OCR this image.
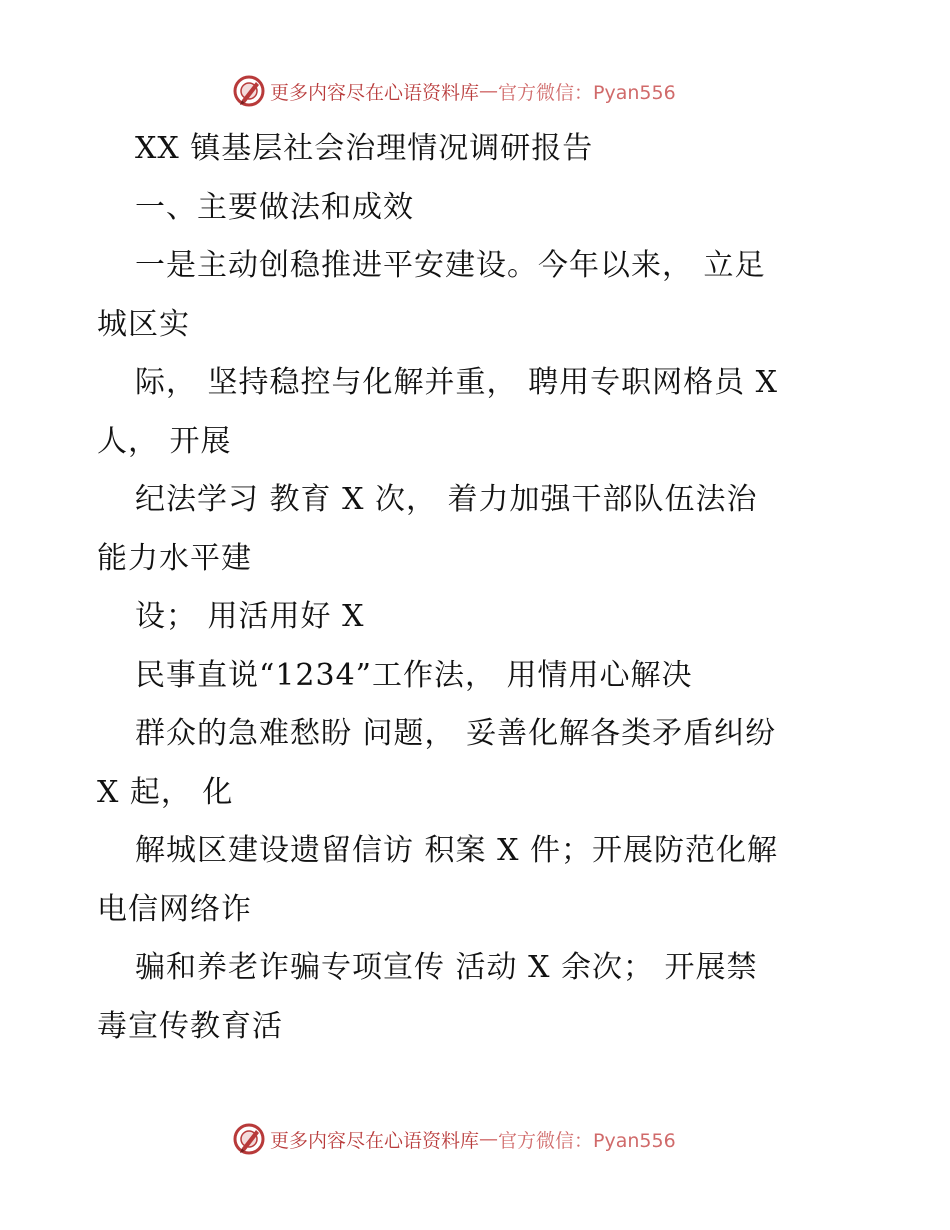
更多内容尽在心语资料库 — 官方微信：Pyan556
XX 镇基层社会治理情况调研报告
一、主要做法和成效
一是主动创稳推进平安建设。今年以来， 立足
城区实
际， 坚持稳控与化解并重， 聘用专职网格员 X
人， 开展
纪法学习 教育 X 次， 着力加强干部队伍法治
能力水平建
设； 用活用好 X
民事直说“1234”工作法， 用情用心解决
群众的急难愁盼 问题， 妥善化解各类矛盾纠纷
X 起， 化
解城区建设遗留信访 积案 X 件；开展防范化解
电信网络诈
骗和养老诈骗专项宣传 活动 X 余次； 开展禁
毒宣传教育活
更多内容尽在心语资料库 — 官方微信：Pyan556
